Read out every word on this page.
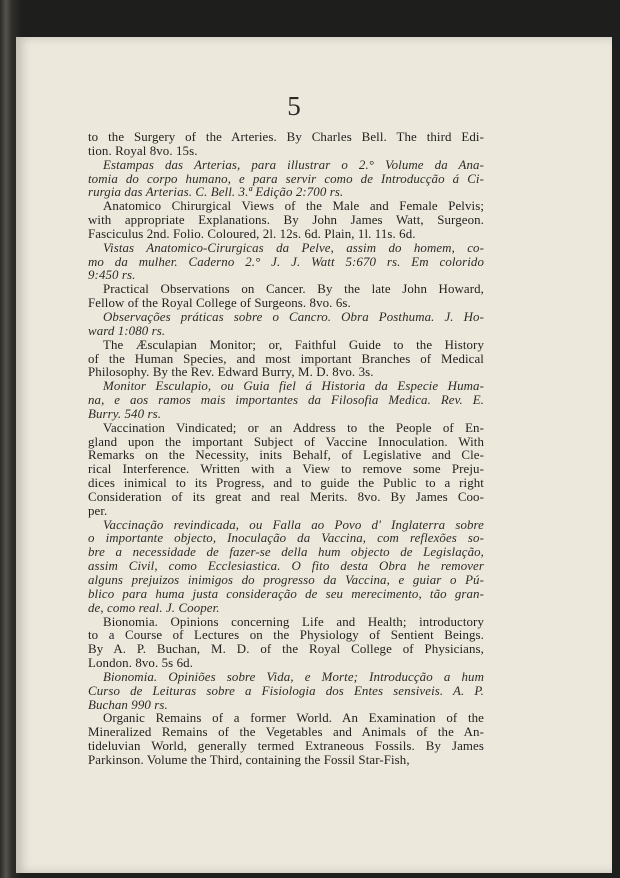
5

to the Surgery of the Arteries. By Charles Bell. The third Edi-

tion. Royal 8vo. 15s.

Estampas das Arterias, para illustrar o 2.° Volume da Ana-

tomia do corpo humano, e para servir como de Introducção á Ci-

rurgia das Arterias. C. Bell. 3.ª Edição 2:700 rs.

Anatomico Chirurgical Views of the Male and Female Pelvis;

with appropriate Explanations. By John James Watt, Surgeon.

Fasciculus 2nd. Folio. Coloured, 2l. 12s. 6d. Plain, 1l. 11s. 6d.

Vistas Anatomico-Cirurgicas da Pelve, assim do homem, co-

mo da mulher. Caderno 2.° J. J. Watt 5:670 rs. Em colorido

9:450 rs.

Practical Observations on Cancer. By the late John Howard,

Fellow of the Royal College of Surgeons. 8vo. 6s.

Observações práticas sobre o Cancro. Obra Posthuma. J. Ho-

ward 1:080 rs.

The Æsculapian Monitor; or, Faithful Guide to the History

of the Human Species, and most important Branches of Medical

Philosophy. By the Rev. Edward Burry, M. D. 8vo. 3s.

Monitor Esculapio, ou Guia fiel á Historia da Especie Huma-

na, e aos ramos mais importantes da Filosofia Medica. Rev. E.

Burry. 540 rs.

Vaccination Vindicated; or an Address to the People of En-

gland upon the important Subject of Vaccine Innoculation. With

Remarks on the Necessity, inits Behalf, of Legislative and Cle-

rical Interference. Written with a View to remove some Preju-

dices inimical to its Progress, and to guide the Public to a right

Consideration of its great and real Merits. 8vo. By James Coo-

per.

Vaccinação revindicada, ou Falla ao Povo d' Inglaterra sobre

o importante objecto, Inoculação da Vaccina, com reflexões so-

bre a necessidade de fazer-se della hum objecto de Legislação,

assim Civil, como Ecclesiastica. O fito desta Obra he remover

alguns prejuizos inimigos do progresso da Vaccina, e guiar o Pú-

blico para huma justa consideração de seu merecimento, tão gran-

de, como real. J. Cooper.

Bionomia. Opinions concerning Life and Health; introductory

to a Course of Lectures on the Physiology of Sentient Beings.

By A. P. Buchan, M. D. of the Royal College of Physicians,

London. 8vo. 5s 6d.

Bionomia. Opiniões sobre Vida, e Morte; Introducção a hum

Curso de Leituras sobre a Fisiologia dos Entes sensiveis. A. P.

Buchan 990 rs.

Organic Remains of a former World. An Examination of the

Mineralized Remains of the Vegetables and Animals of the An-

tideluvian World, generally termed Extraneous Fossils. By James

Parkinson. Volume the Third, containing the Fossil Star-Fish,
